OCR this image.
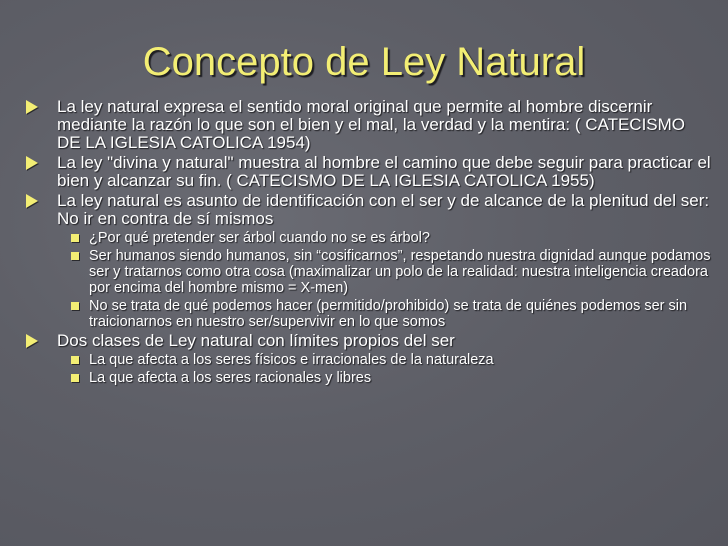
Concepto de Ley Natural
La ley natural expresa el sentido moral original que permite al hombre discernir mediante la razón lo que son el bien y el mal, la verdad y la mentira: ( CATECISMO DE LA IGLESIA CATOLICA 1954)
La ley "divina y natural" muestra al hombre el camino que debe seguir para practicar el bien y alcanzar su fin. ( CATECISMO DE LA IGLESIA CATOLICA 1955)
La ley natural es asunto de identificación con el ser y de alcance de la plenitud del ser: No ir en contra de sí mismos
¿Por qué pretender ser árbol cuando no se es árbol?
Ser humanos siendo humanos, sin “cosificarnos”, respetando nuestra dignidad aunque podamos ser y tratarnos como otra cosa (maximalizar un polo de la realidad: nuestra inteligencia creadora por encima del hombre mismo = X-men)
No se trata de qué podemos hacer (permitido/prohibido) se trata de quiénes podemos ser sin traicionarnos en nuestro ser/supervivir en lo que somos
Dos clases de Ley natural con límites propios del ser
La que afecta a los seres físicos e irracionales de la naturaleza
La que afecta a los seres racionales y libres
